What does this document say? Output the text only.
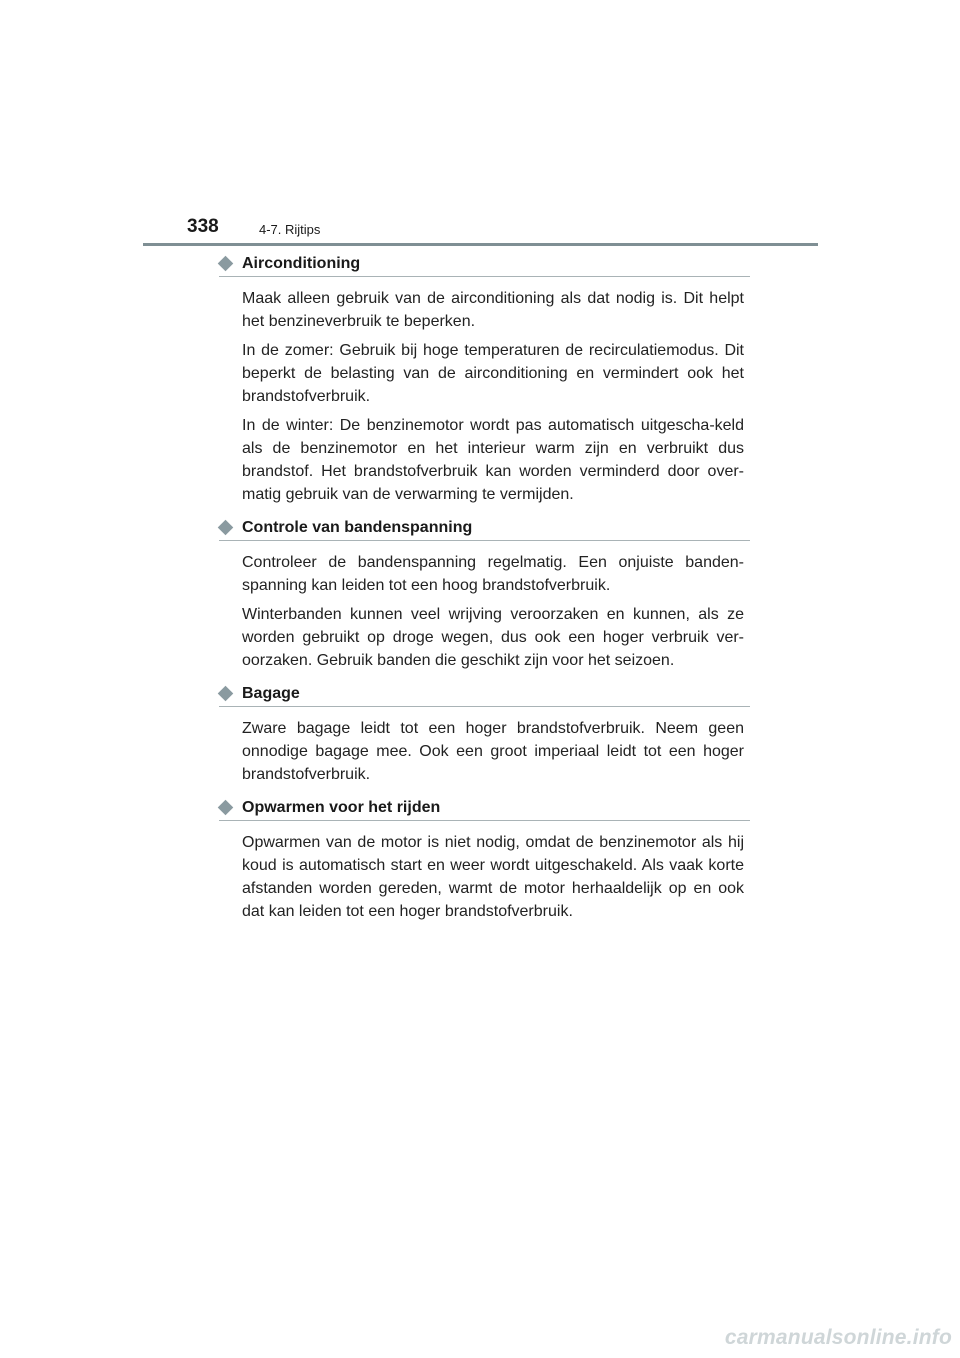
338	4-7. Rijtips
Airconditioning

Maak alleen gebruik van de airconditioning als dat nodig is. Dit helpt het benzineverbruik te beperken.

In de zomer: Gebruik bij hoge temperaturen de recirculatiemodus. Dit beperkt de belasting van de airconditioning en vermindert ook het brandstofverbruik.

In de winter: De benzinemotor wordt pas automatisch uitgescha-keld als de benzinemotor en het interieur warm zijn en verbruikt dus brandstof. Het brandstofverbruik kan worden verminderd door over-matig gebruik van de verwarming te vermijden.

Controle van bandenspanning

Controleer de bandenspanning regelmatig. Een onjuiste banden-spanning kan leiden tot een hoog brandstofverbruik.

Winterbanden kunnen veel wrijving veroorzaken en kunnen, als ze worden gebruikt op droge wegen, dus ook een hoger verbruik ver-oorzaken. Gebruik banden die geschikt zijn voor het seizoen.

Bagage

Zware bagage leidt tot een hoger brandstofverbruik. Neem geen onnodige bagage mee. Ook een groot imperiaal leidt tot een hoger brandstofverbruik.

Opwarmen voor het rijden

Opwarmen van de motor is niet nodig, omdat de benzinemotor als hij koud is automatisch start en weer wordt uitgeschakeld. Als vaak korte afstanden worden gereden, warmt de motor herhaaldelijk op en ook dat kan leiden tot een hoger brandstofverbruik.

carmanualsonline.info
